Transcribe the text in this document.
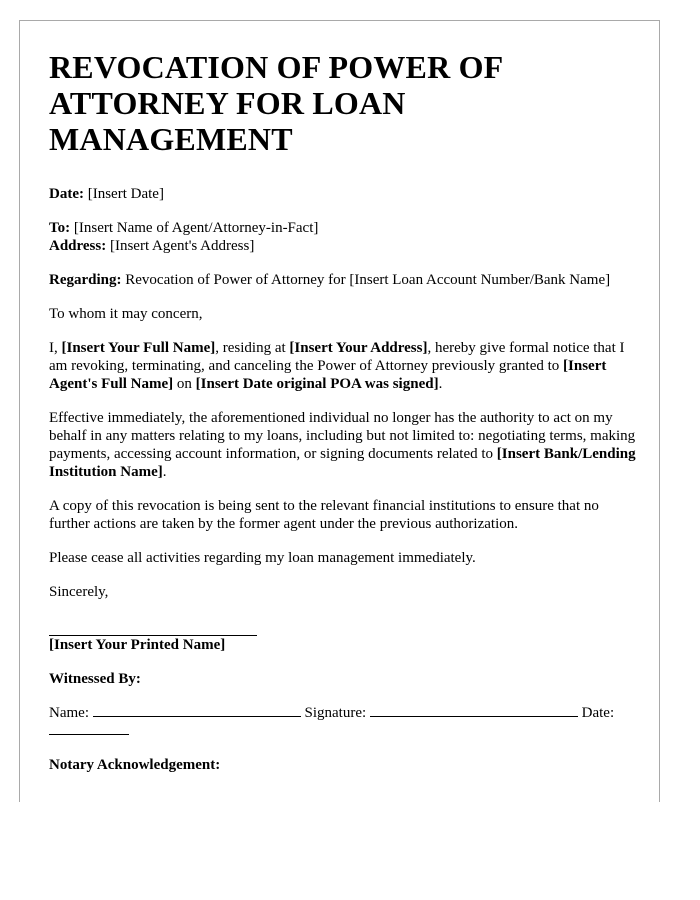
REVOCATION OF POWER OF ATTORNEY FOR LOAN MANAGEMENT

Date: [Insert Date]

To: [Insert Name of Agent/Attorney-in-Fact]
Address: [Insert Agent's Address]

Regarding: Revocation of Power of Attorney for [Insert Loan Account Number/Bank Name]

To whom it may concern,

I, [Insert Your Full Name], residing at [Insert Your Address], hereby give formal notice that I am revoking, terminating, and canceling the Power of Attorney previously granted to [Insert Agent's Full Name] on [Insert Date original POA was signed].

Effective immediately, the aforementioned individual no longer has the authority to act on my behalf in any matters relating to my loans, including but not limited to: negotiating terms, making payments, accessing account information, or signing documents related to [Insert Bank/Lending Institution Name].

A copy of this revocation is being sent to the relevant financial institutions to ensure that no further actions are taken by the former agent under the previous authorization.

Please cease all activities regarding my loan management immediately.

Sincerely,
[Insert Your Printed Name]

Witnessed By:

Name:	Signature:	Date:

Notary Acknowledgement:
